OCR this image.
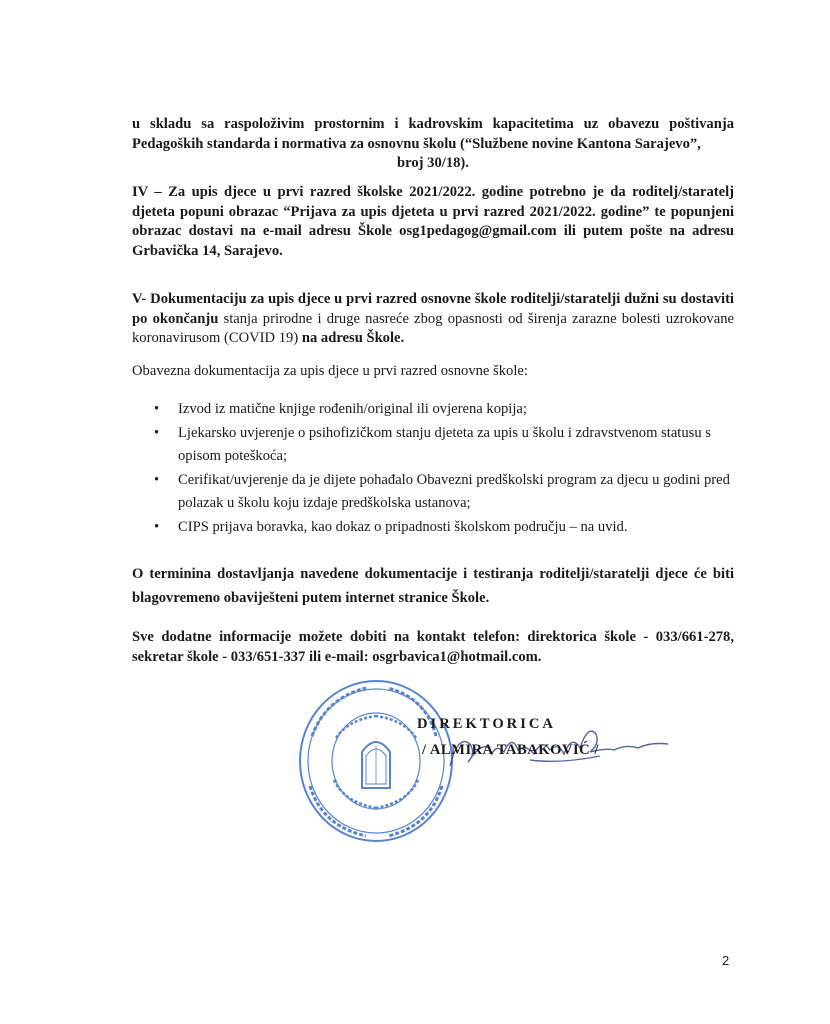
u skladu sa raspoloživim prostornim i kadrovskim kapacitetima uz obavezu poštivanja Pedagoških standarda i normativa za osnovnu školu (“Službene novine Kantona Sarajevo”,
broj 30/18).

IV – Za upis djece u prvi razred školske 2021/2022. godine potrebno je da roditelj/staratelj djeteta popuni obrazac “Prijava za upis djeteta u prvi razred 2021/2022. godine” te popunjeni obrazac dostavi na e-mail adresu Škole osg1pedagog@gmail.com ili putem pošte na adresu Grbavička 14, Sarajevo.

V- Dokumentaciju za upis djece u prvi razred osnovne škole roditelji/staratelji dužni su dostaviti po okončanju stanja prirodne i druge nasreće zbog opasnosti od širenja zarazne bolesti uzrokovane koronavirusom (COVID 19) na adresu Škole.

Obavezna dokumentacija za upis djece u prvi razred osnovne škole:

• Izvod iz matične knjige rođenih/original ili ovjerena kopija;
• Ljekarsko uvjerenje o psihofizičkom stanju djeteta za upis u školu i zdravstvenom statusu s opisom poteškoća;
• Cerifikat/uvjerenje da je dijete pohađalo Obavezni predškolski program za djecu u godini pred polazak u školu koju izdaje predškolska ustanova;
• CIPS prijava boravka, kao dokaz o pripadnosti školskom području – na uvid.

O terminina dostavljanja navedene dokumentacije i testiranja roditelji/staratelji djece će biti blagovremeno obaviješteni putem internet stranice Škole.

Sve dodatne informacije možete dobiti na kontakt telefon: direktorica škole - 033/661-278, sekretar škole - 033/651-337 ili e-mail: osgrbavica1@hotmail.com.

DIREKTORICA
/ ALMIRA TABAKOVIĆ /
2
